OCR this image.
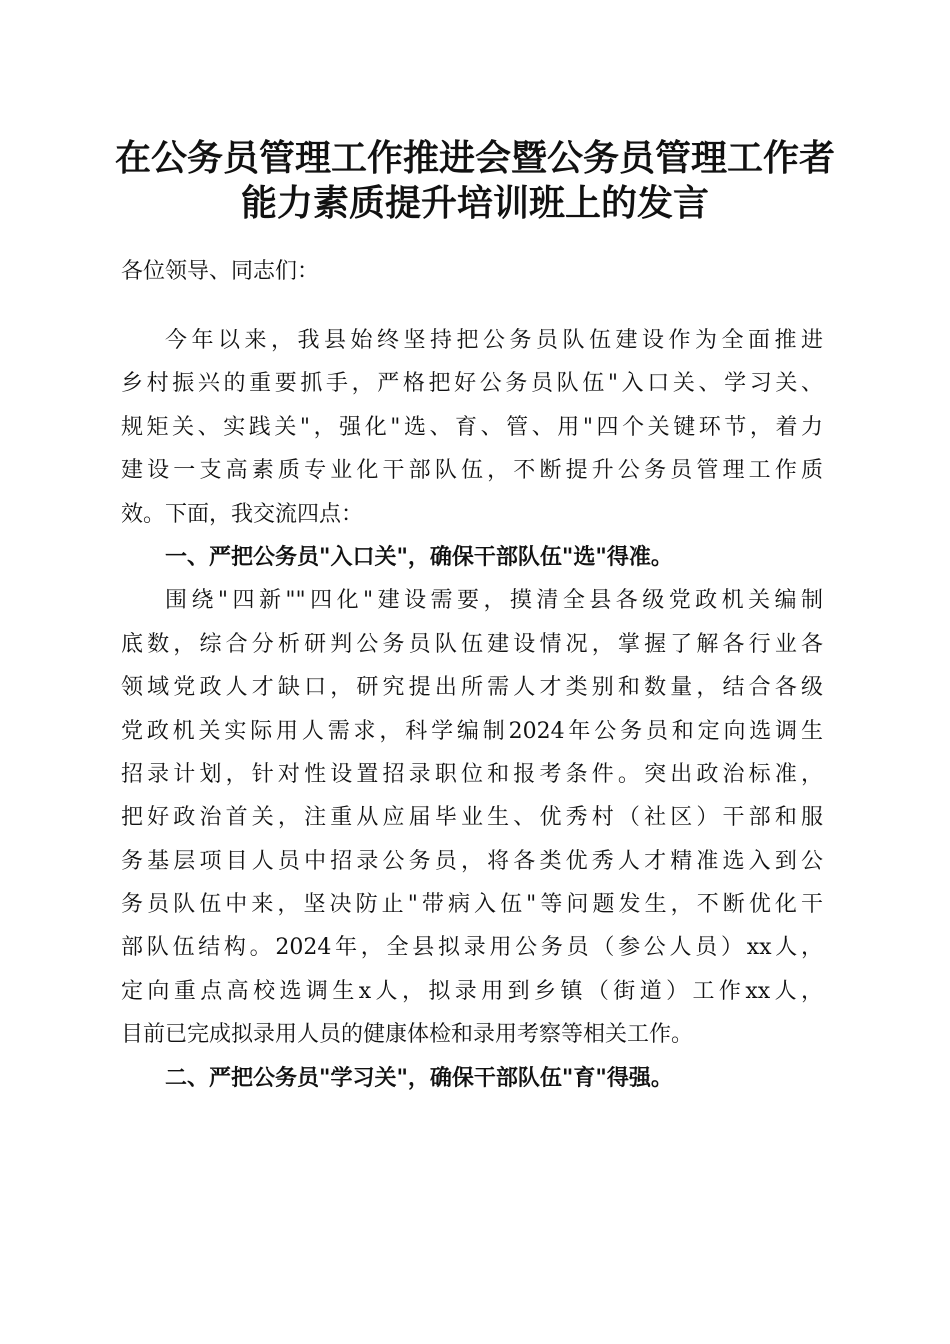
在公务员管理工作推进会暨公务员管理工作者
能力素质提升培训班上的发言
各位领导、同志们：
今年以来，我县始终坚持把公务员队伍建设作为全面推进
乡村振兴的重要抓手，严格把好公务员队伍"入口关、学习关、
规矩关、实践关"，强化"选、育、管、用"四个关键环节，着力
建设一支高素质专业化干部队伍，不断提升公务员管理工作质
效。下面，我交流四点：
一、严把公务员"入口关"，确保干部队伍"选"得准。
围绕"四新""四化"建设需要，摸清全县各级党政机关编制
底数，综合分析研判公务员队伍建设情况，掌握了解各行业各
领域党政人才缺口，研究提出所需人才类别和数量，结合各级
党政机关实际用人需求，科学编制2024年公务员和定向选调生
招录计划，针对性设置招录职位和报考条件。突出政治标准，
把好政治首关，注重从应届毕业生、优秀村（社区）干部和服
务基层项目人员中招录公务员，将各类优秀人才精准选入到公
务员队伍中来，坚决防止"带病入伍"等问题发生，不断优化干
部队伍结构。2024年，全县拟录用公务员（参公人员）xx人，
定向重点高校选调生x人，拟录用到乡镇（街道）工作xx人，
目前已完成拟录用人员的健康体检和录用考察等相关工作。
二、严把公务员"学习关"，确保干部队伍"育"得强。
